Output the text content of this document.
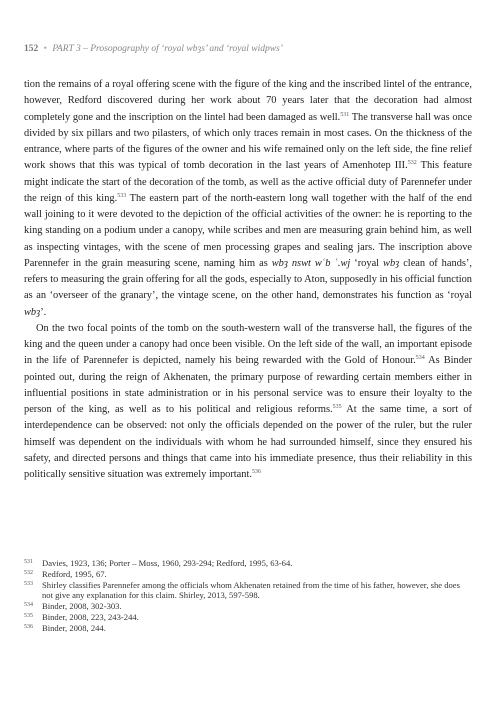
152 • PART 3 – Prosopography of ‘royal wbȝs’ and ‘royal widpws’

tion the remains of a royal offering scene with the figure of the king and the inscribed lintel of the entrance, however, Redford discovered during her work about 70 years later that the decoration had almost completely gone and the inscription on the lintel had been damaged as well.$^{531}$ The transverse hall was once divided by six pillars and two pilasters, of which only traces remain in most cases. On the thickness of the entrance, where parts of the figures of the owner and his wife remained only on the left side, the fine relief work shows that this was typical of tomb decoration in the last years of Amenhotep III.$^{532}$ This feature might indicate the start of the decoration of the tomb, as well as the active official duty of Parennefer under the reign of this king.$^{533}$ The eastern part of the north-eastern long wall together with the half of the end wall joining to it were devoted to the depiction of the official activities of the owner: he is reporting to the king standing on a podium under a canopy, while scribes and men are measuring grain behind him, as well as inspecting vintages, with the scene of men processing grapes and sealing jars. The inscription above Parennefer in the grain measuring scene, naming him as wbȝ nswt wʿb ʿ.wj ‘royal wbȝ clean of hands’, refers to measuring the grain offering for all the gods, especially to Aton, supposedly in his official function as an ‘overseer of the granary’, the vintage scene, on the other hand, demonstrates his function as ‘royal wbȝ’.

On the two focal points of the tomb on the south-western wall of the transverse hall, the figures of the king and the queen under a canopy had once been visible. On the left side of the wall, an important episode in the life of Parennefer is depicted, namely his being rewarded with the Gold of Honour.$^{534}$ As Binder pointed out, during the reign of Akhenaten, the primary purpose of rewarding certain members either in influential positions in state administration or in his personal service was to ensure their loyalty to the person of the king, as well as to his political and religious reforms.$^{535}$ At the same time, a sort of interdependence can be observed: not only the officials depended on the power of the ruler, but the ruler himself was dependent on the individuals with whom he had surrounded himself, since they ensured his safety, and directed persons and things that came into his immediate presence, thus their reliability in this politically sensitive situation was extremely important.$^{536}$

531	Davies, 1923, 136; Porter – Moss, 1960, 293-294; Redford, 1995, 63-64.
532	Redford, 1995, 67.
533	Shirley classifies Parennefer among the officials whom Akhenaten retained from the time of his father, however, she does not give any explanation for this claim. Shirley, 2013, 597-598.
534	Binder, 2008, 302-303.
535	Binder, 2008, 223, 243-244.
536	Binder, 2008, 244.
